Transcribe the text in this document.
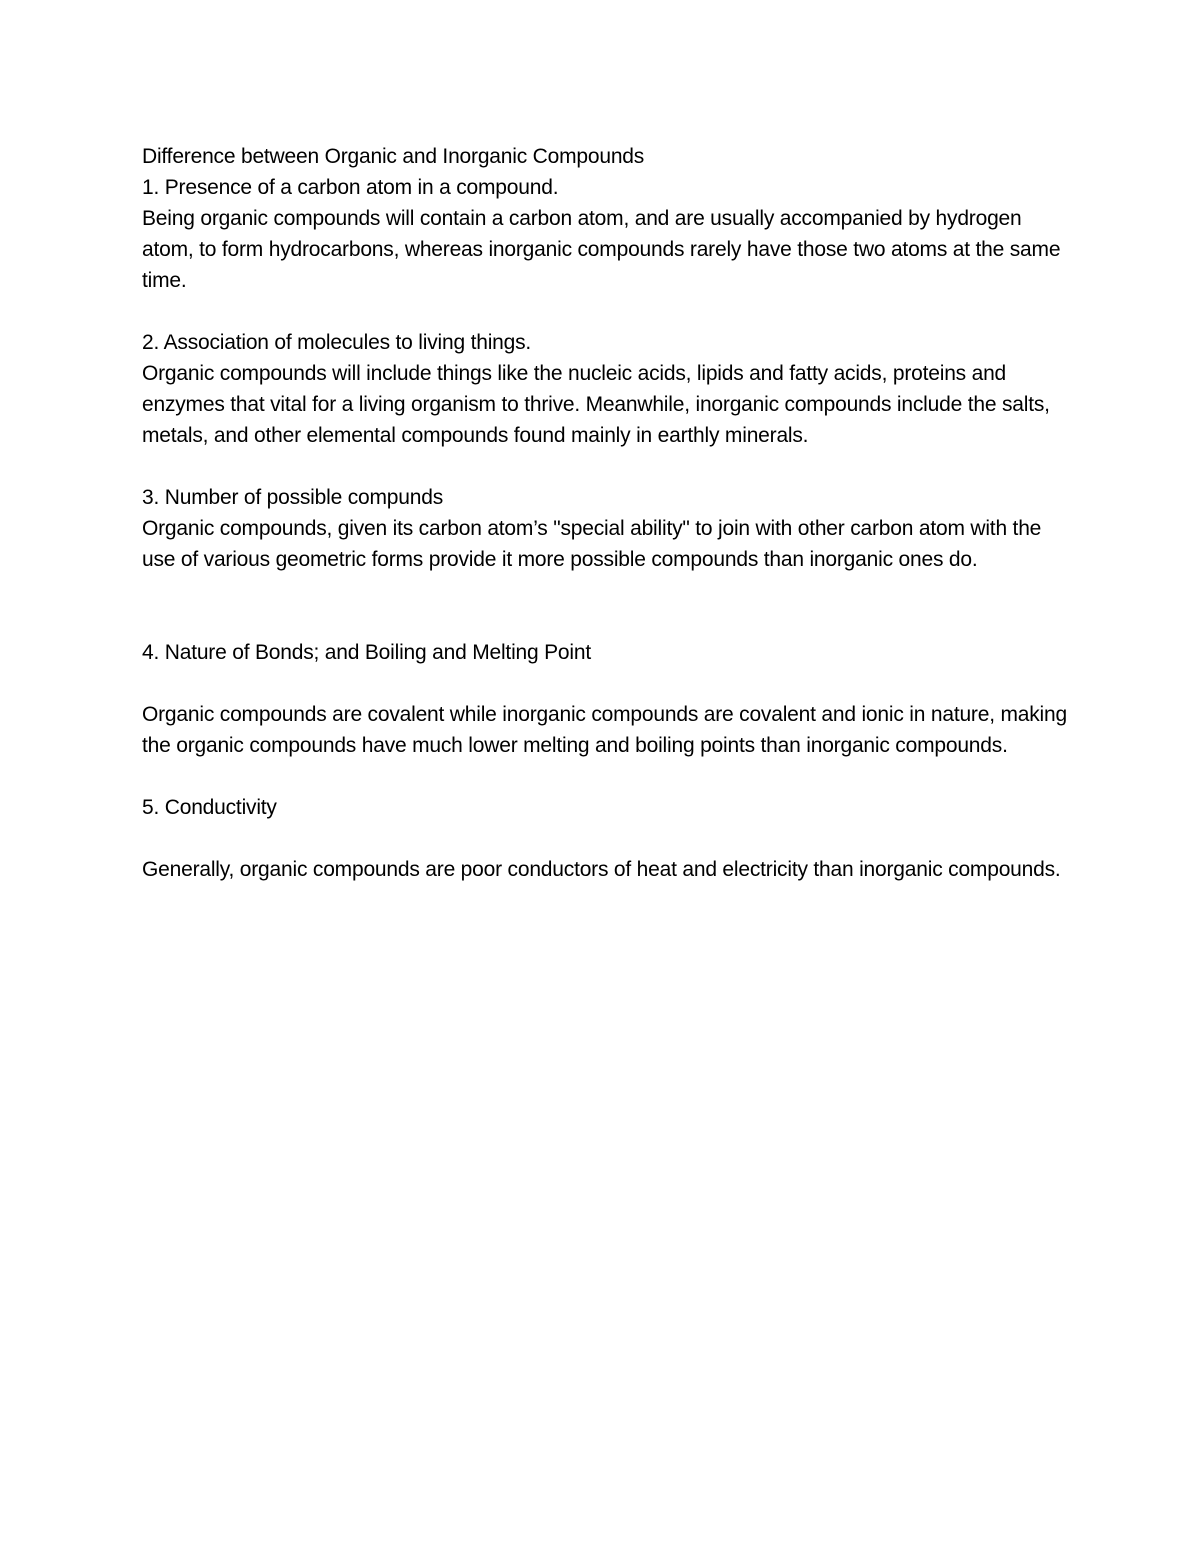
Difference between Organic and Inorganic Compounds

1. Presence of a carbon atom in a compound.

Being organic compounds will contain a carbon atom, and are usually accompanied by hydrogen atom, to form hydrocarbons, whereas inorganic compounds rarely have those two atoms at the same time.

2. Association of molecules to living things.

Organic compounds will include things like the nucleic acids, lipids and fatty acids, proteins and enzymes that vital for a living organism to thrive. Meanwhile, inorganic compounds include the salts, metals, and other elemental compounds found mainly in earthly minerals.

3. Number of possible compunds

Organic compounds, given its carbon atom’s "special ability" to join with other carbon atom with the use of various geometric forms provide it more possible compounds than inorganic ones do.

4. Nature of Bonds; and Boiling and Melting Point

Organic compounds are covalent while inorganic compounds are covalent and ionic in nature, making the organic compounds have much lower melting and boiling points than inorganic compounds.

5. Conductivity

Generally, organic compounds are poor conductors of heat and electricity than inorganic compounds.
